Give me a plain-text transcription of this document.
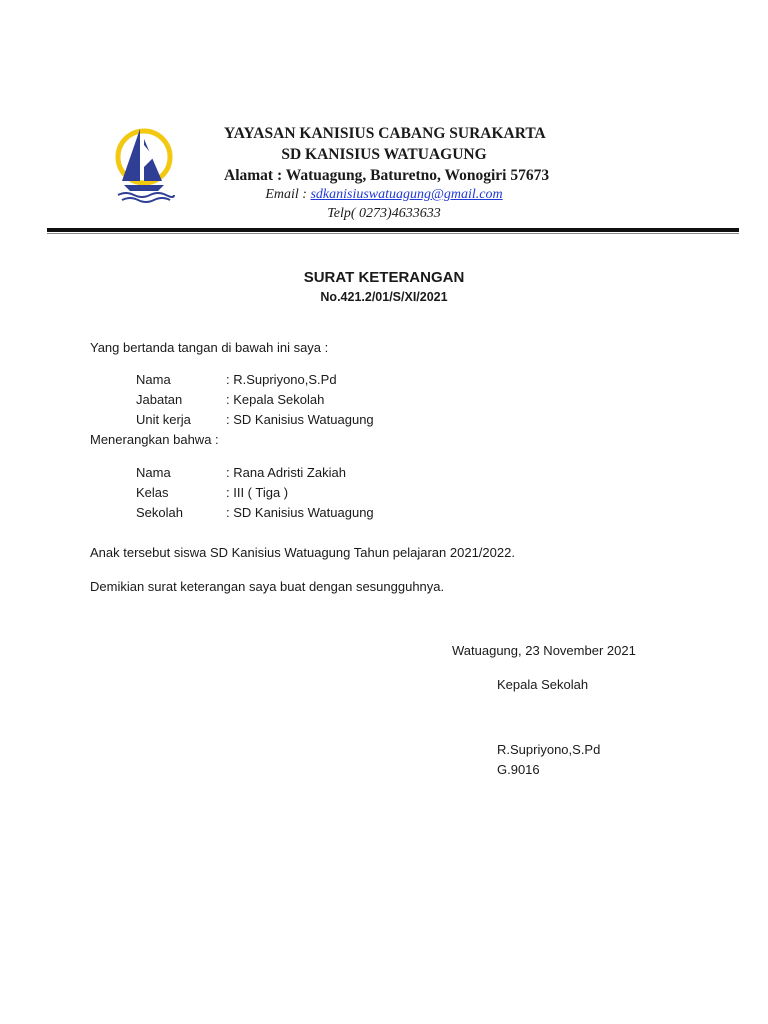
YAYASAN KANISIUS CABANG SURAKARTA
SD KANISIUS WATUAGUNG
Alamat : Watuagung, Baturetno, Wonogiri 57673
Email : sdkanisiuswatuagung@gmail.com
Telp( 0273)4633633
SURAT KETERANGAN
No.421.2/01/S/XI/2021
Yang bertanda tangan di bawah ini saya :
Nama	: R.Supriyono,S.Pd
Jabatan	: Kepala Sekolah
Unit kerja	: SD Kanisius Watuagung
Menerangkan bahwa :
Nama	: Rana Adristi Zakiah
Kelas	: III ( Tiga )
Sekolah	: SD Kanisius Watuagung
Anak tersebut siswa SD Kanisius Watuagung Tahun pelajaran 2021/2022.
Demikian surat keterangan saya buat dengan sesungguhnya.
Watuagung, 23 November 2021
Kepala Sekolah
R.Supriyono,S.Pd
G.9016
